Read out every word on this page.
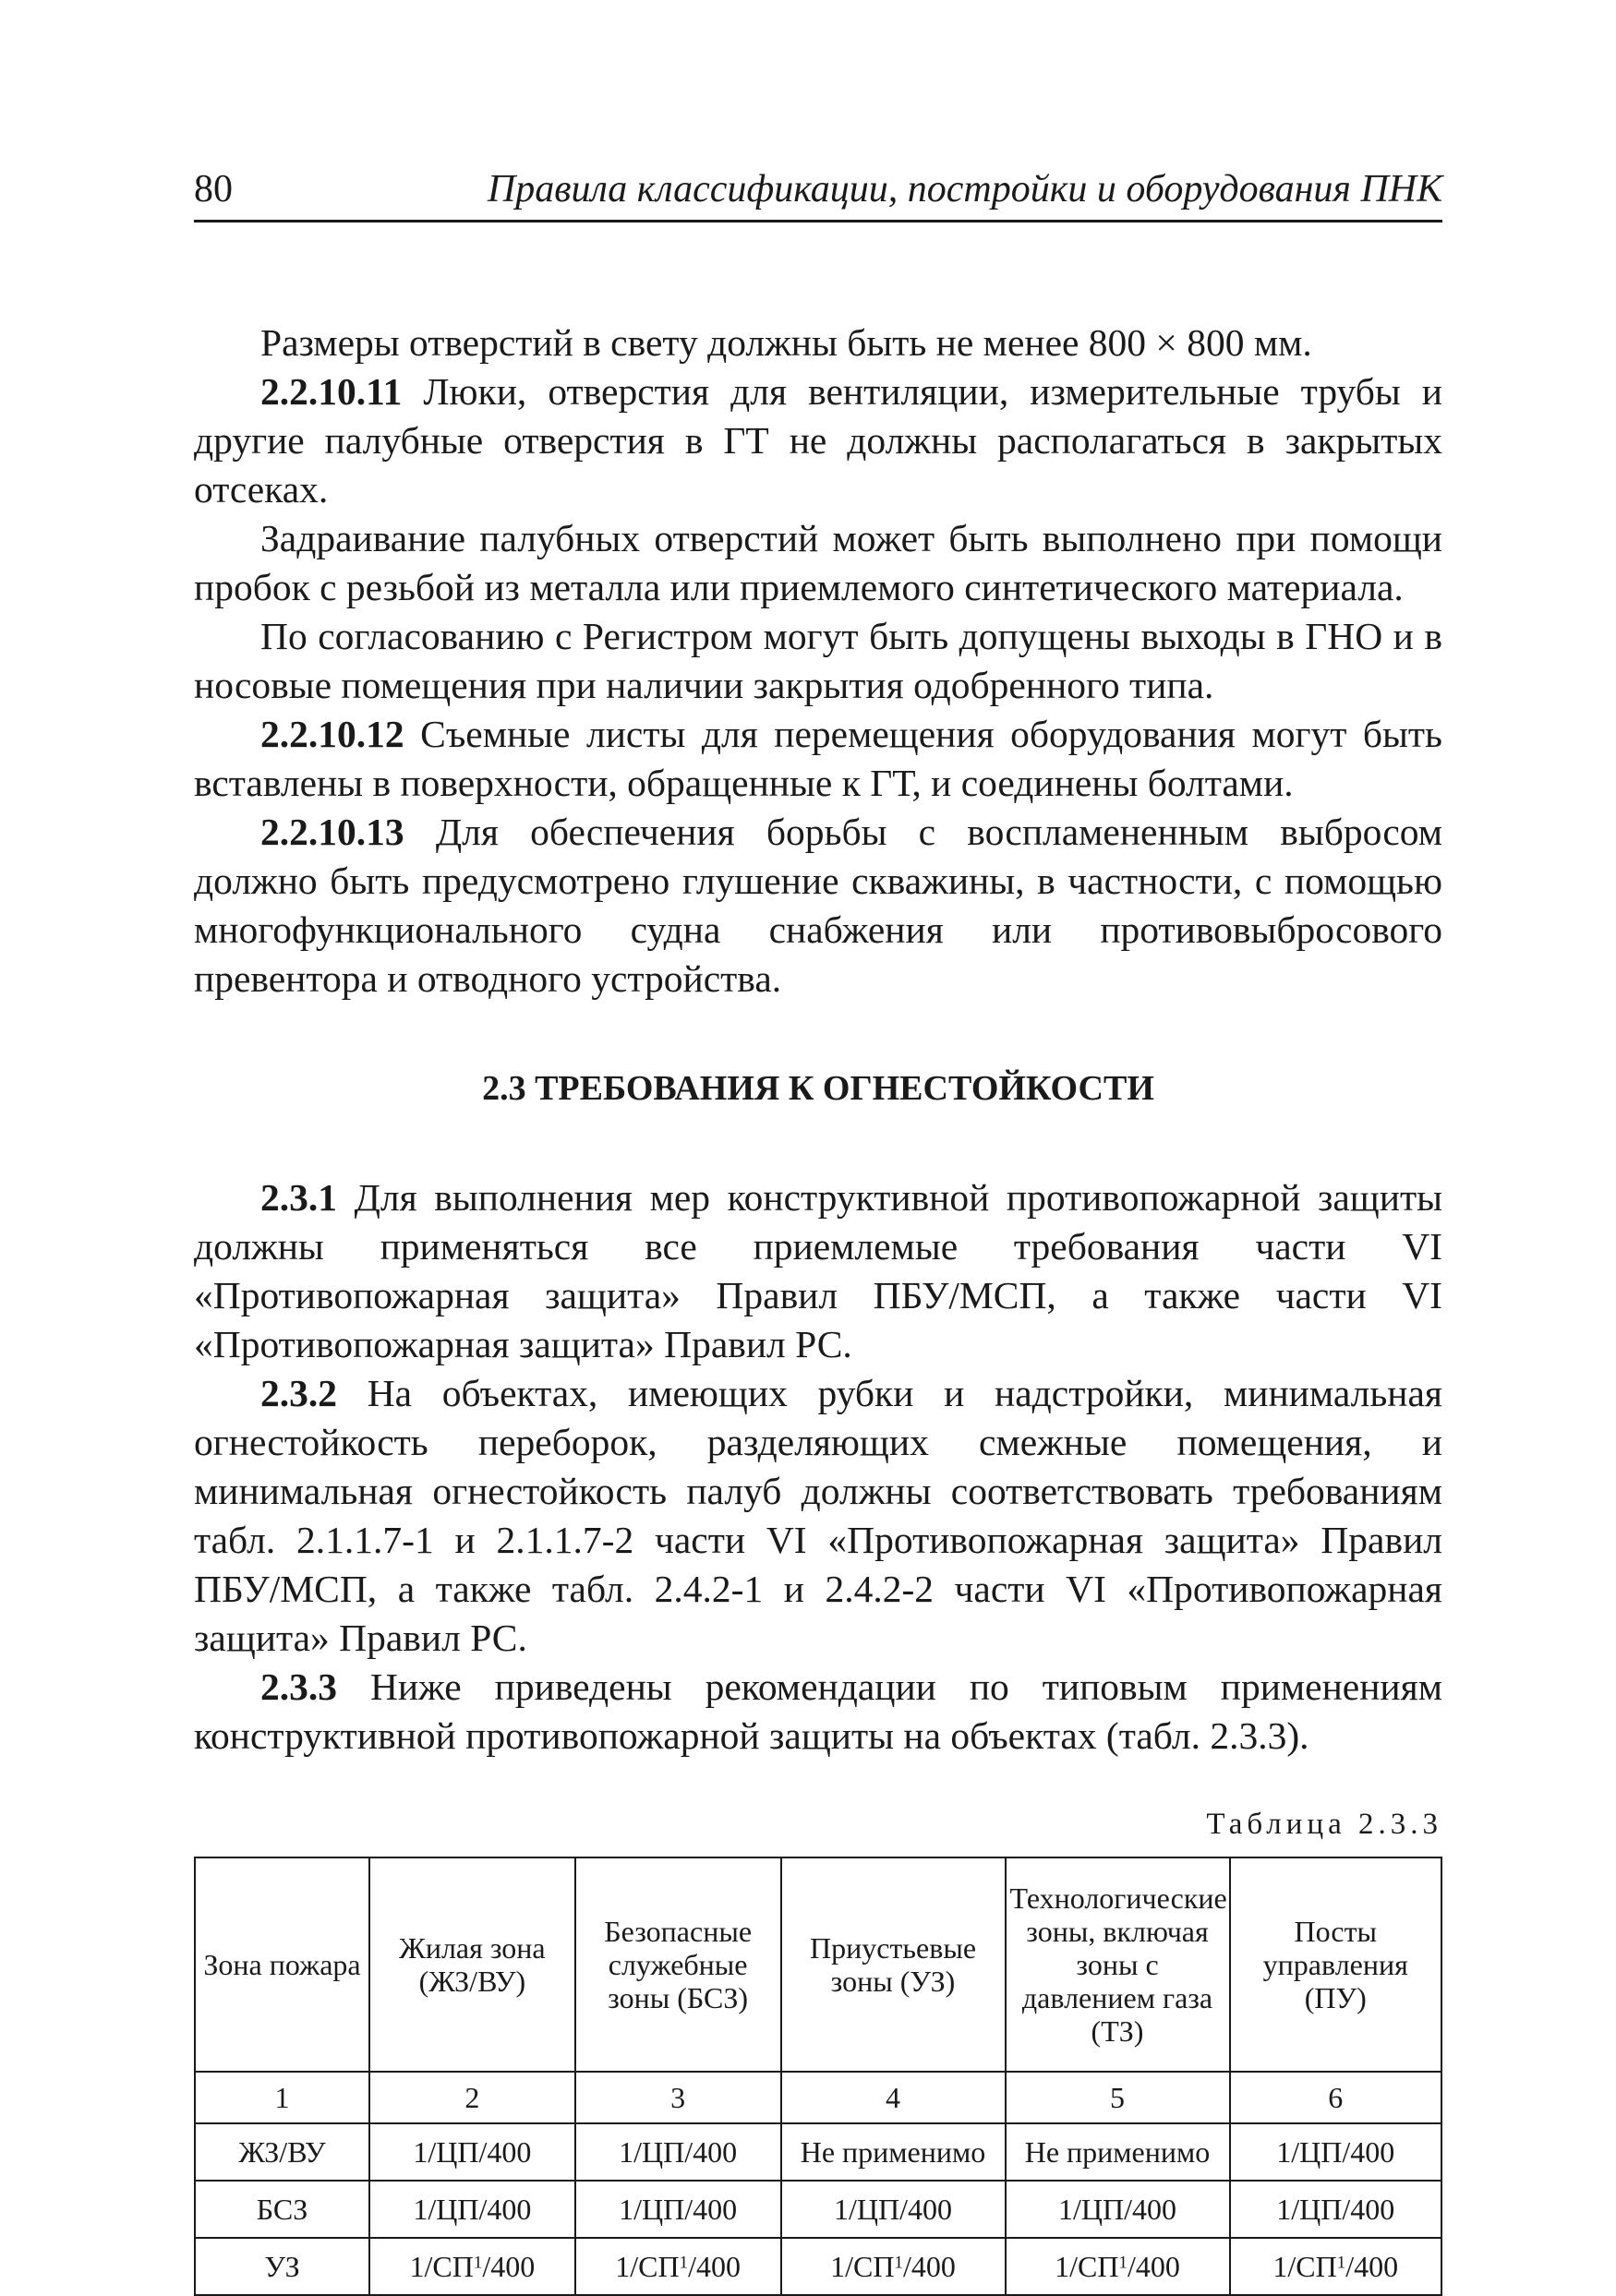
80	Правила классификации, постройки и оборудования ПНК

Размеры отверстий в свету должны быть не менее 800 × 800 мм.

2.2.10.11 Люки, отверстия для вентиляции, измерительные трубы и другие палубные отверстия в ГТ не должны располагаться в закрытых отсеках.

Задраивание палубных отверстий может быть выполнено при помощи пробок с резьбой из металла или приемлемого синтетического материала.

По согласованию с Регистром могут быть допущены выходы в ГНО и в носовые помещения при наличии закрытия одобренного типа.

2.2.10.12 Съемные листы для перемещения оборудования могут быть вставлены в поверхности, обращенные к ГТ, и соединены болтами.

2.2.10.13 Для обеспечения борьбы с воспламененным выбросом должно быть предусмотрено глушение скважины, в частности, с помощью многофункционального судна снабжения или противовыбросового превентора и отводного устройства.

2.3 ТРЕБОВАНИЯ К ОГНЕСТОЙКОСТИ

2.3.1 Для выполнения мер конструктивной противопожарной защиты должны применяться все приемлемые требования части VI «Противопожарная защита» Правил ПБУ/МСП, а также части VI «Противопожарная защита» Правил РС.

2.3.2 На объектах, имеющих рубки и надстройки, минимальная огнестойкость переборок, разделяющих смежные помещения, и минимальная огнестойкость палуб должны соответствовать требованиям табл. 2.1.1.7-1 и 2.1.1.7-2 части VI «Противопожарная защита» Правил ПБУ/МСП, а также табл. 2.4.2-1 и 2.4.2-2 части VI «Противопожарная защита» Правил РС.

2.3.3 Ниже приведены рекомендации по типовым применениям конструктивной противопожарной защиты на объектах (табл. 2.3.3).

Таблица 2.3.3
Зона пожара	Жилая зона (ЖЗ/ВУ)	Безопасные служебные зоны (БСЗ)	Приустьевые зоны (УЗ)	Технологические зоны, включая зоны с давлением газа (ТЗ)	Посты управления (ПУ)
1	2	3	4	5	6
ЖЗ/ВУ	1/ЦП/400	1/ЦП/400	Не применимо	Не применимо	1/ЦП/400
БСЗ	1/ЦП/400	1/ЦП/400	1/ЦП/400	1/ЦП/400	1/ЦП/400
УЗ	$1/СП^1/400$	$1/СП^1/400$	$1/СП^1/400$	$1/СП^1/400$	$1/СП^1/400$
